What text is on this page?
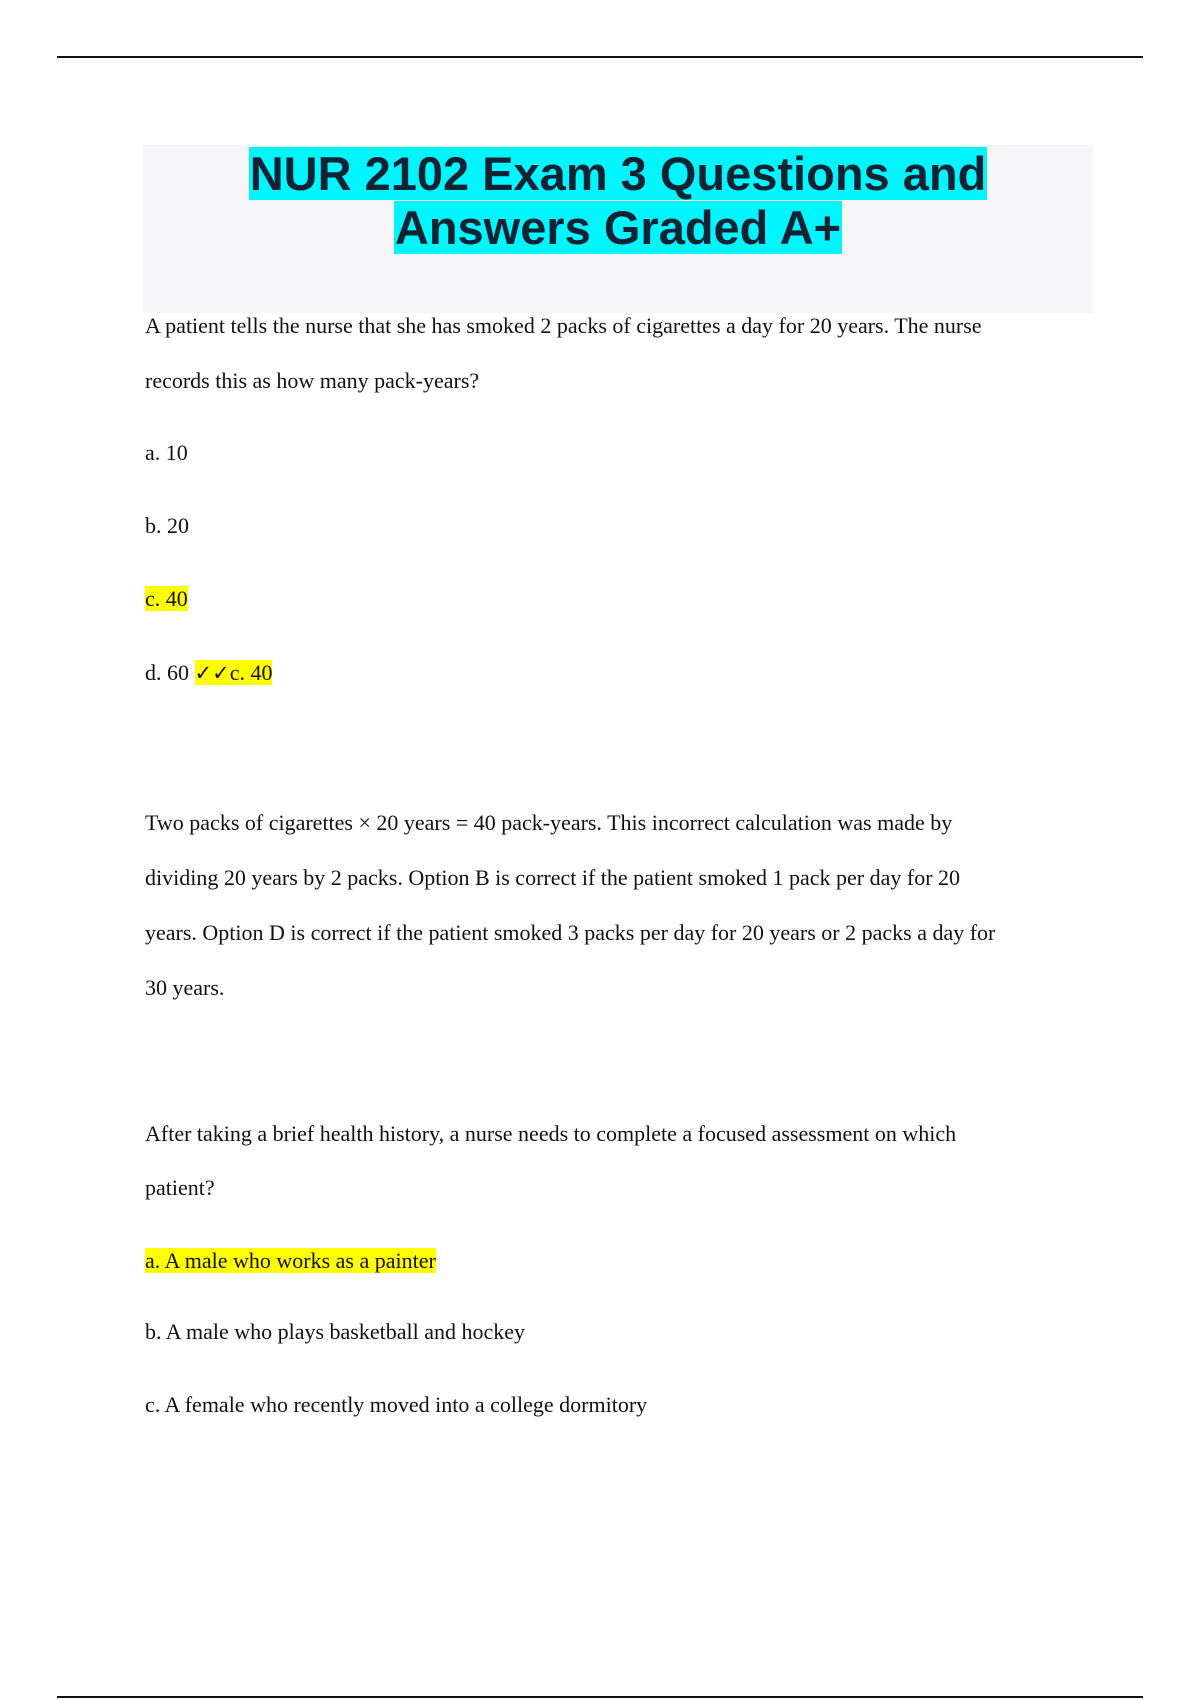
NUR 2102 Exam 3 Questions and
Answers Graded A+
A patient tells the nurse that she has smoked 2 packs of cigarettes a day for 20 years. The nurse
records this as how many pack-years?
a. 10
b. 20
c. 40
d. 60 ✓✓c. 40
Two packs of cigarettes × 20 years = 40 pack-years. This incorrect calculation was made by
dividing 20 years by 2 packs. Option B is correct if the patient smoked 1 pack per day for 20
years. Option D is correct if the patient smoked 3 packs per day for 20 years or 2 packs a day for
30 years.
After taking a brief health history, a nurse needs to complete a focused assessment on which
patient?
a. A male who works as a painter
b. A male who plays basketball and hockey
c. A female who recently moved into a college dormitory
